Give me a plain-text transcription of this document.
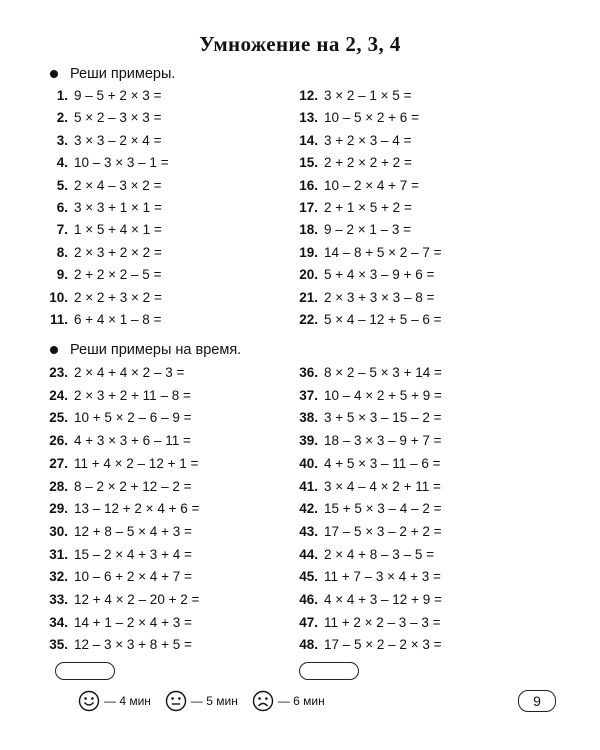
Умножение на 2, 3, 4
Реши примеры.
1. 9 – 5 + 2 × 3 =
2. 5 × 2 – 3 × 3 =
3. 3 × 3 – 2 × 4 =
4. 10 – 3 × 3 – 1 =
5. 2 × 4 – 3 × 2 =
6. 3 × 3 + 1 × 1 =
7. 1 × 5 + 4 × 1 =
8. 2 × 3 + 2 × 2 =
9. 2 + 2 × 2 – 5 =
10. 2 × 2 + 3 × 2 =
11. 6 + 4 × 1 – 8 =
12. 3 × 2 – 1 × 5 =
13. 10 – 5 × 2 + 6 =
14. 3 + 2 × 3 – 4 =
15. 2 + 2 × 2 + 2 =
16. 10 – 2 × 4 + 7 =
17. 2 + 1 × 5 + 2 =
18. 9 – 2 × 1 – 3 =
19. 14 – 8 + 5 × 2 – 7 =
20. 5 + 4 × 3 – 9 + 6 =
21. 2 × 3 + 3 × 3 – 8 =
22. 5 × 4 – 12 + 5 – 6 =
Реши примеры на время.
23. 2 × 4 + 4 × 2 – 3 =
24. 2 × 3 + 2 + 11 – 8 =
25. 10 + 5 × 2 – 6 – 9 =
26. 4 + 3 × 3 + 6 – 11 =
27. 11 + 4 × 2 – 12 + 1 =
28. 8 – 2 × 2 + 12 – 2 =
29. 13 – 12 + 2 × 4 + 6 =
30. 12 + 8 – 5 × 4 + 3 =
31. 15 – 2 × 4 + 3 + 4 =
32. 10 – 6 + 2 × 4 + 7 =
33. 12 + 4 × 2 – 20 + 2 =
34. 14 + 1 – 2 × 4 + 3 =
35. 12 – 3 × 3 + 8 + 5 =
36. 8 × 2 – 5 × 3 + 14 =
37. 10 – 4 × 2 + 5 + 9 =
38. 3 + 5 × 3 – 15 – 2 =
39. 18 – 3 × 3 – 9 + 7 =
40. 4 + 5 × 3 – 11 – 6 =
41. 3 × 4 – 4 × 2 + 11 =
42. 15 + 5 × 3 – 4 – 2 =
43. 17 – 5 × 3 – 2 + 2 =
44. 2 × 4 + 8 – 3 – 5 =
45. 11 + 7 – 3 × 4 + 3 =
46. 4 × 4 + 3 – 12 + 9 =
47. 11 + 2 × 2 – 3 – 3 =
48. 17 – 5 × 2 – 2 × 3 =
— 4 мин	— 5 мин	— 6 мин	9
